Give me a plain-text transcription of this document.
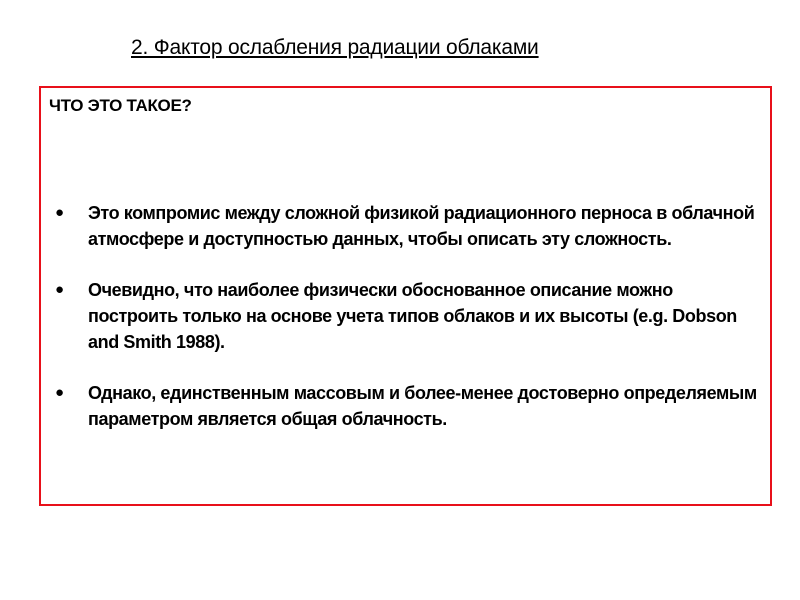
2. Фактор ослабления радиации облаками
ЧТО ЭТО ТАКОЕ?
● Это компромис между сложной физикой радиационного перноса в облачной атмосфере и доступностью данных, чтобы описать эту сложность.
● Очевидно, что наиболее физически обоснованное описание можно построить только на основе учета типов облаков и их высоты (e.g. Dobson and Smith 1988).
● Однако, единственным массовым и более-менее достоверно определяемым параметром является общая облачность.
